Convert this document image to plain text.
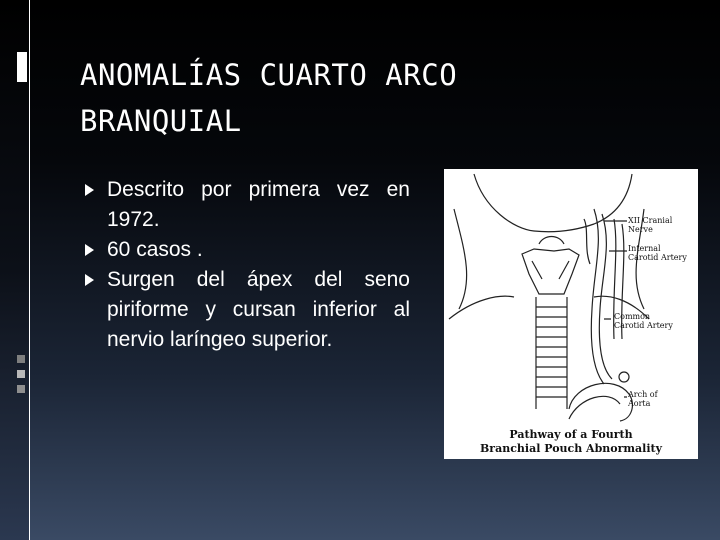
ANOMALÍAS CUARTO ARCO
BRANQUIAL
Descrito por primera vez en 1972.
60 casos .
Surgen del ápex del seno piriforme y cursan inferior al nervio laríngeo superior.
XII Cranial
Nerve
Internal
Carotid Artery
Common
Carotid Artery
Arch of
Aorta
Pathway of a Fourth
Branchial Pouch Abnormality
